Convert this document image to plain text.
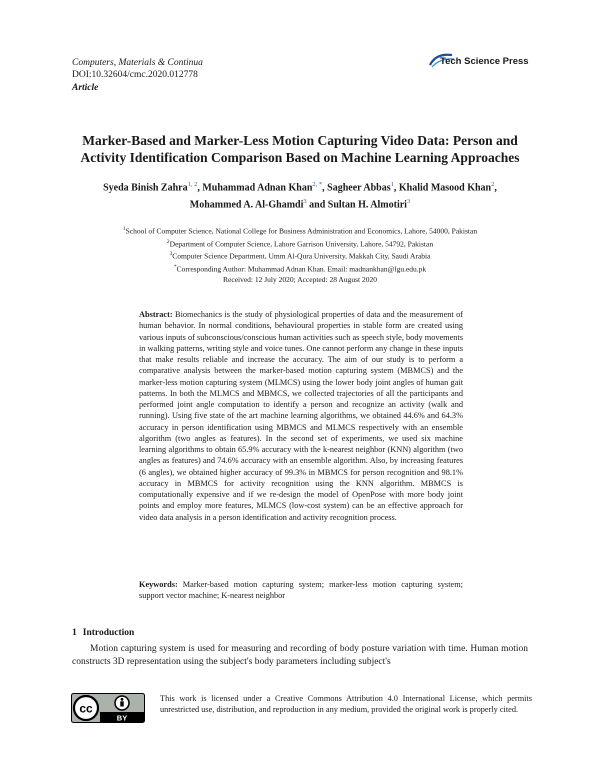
Computers, Materials & Continua
DOI:10.32604/cmc.2020.012778
Article
Tech Science Press
Marker-Based and Marker-Less Motion Capturing Video Data: Person and Activity Identification Comparison Based on Machine Learning Approaches
Syeda Binish Zahra$^{1, 2}$, Muhammad Adnan Khan$^{2, *}$, Sagheer Abbas$^1$, Khalid Masood Khan$^2$,
Mohammed A. Al-Ghamdi$^3$ and Sultan H. Almotiri$^3$
$^1$School of Computer Science, National College for Business Administration and Economics, Lahore, 54000, Pakistan
$^2$Department of Computer Science, Lahore Garrison University, Lahore, 54792, Pakistan
$^3$Computer Science Department, Umm Al-Qura University, Makkah City, Saudi Arabia
*Corresponding Author: Muhammad Adnan Khan. Email: madnankhan@lgu.edu.pk
Received: 12 July 2020; Accepted: 28 August 2020
Abstract: Biomechanics is the study of physiological properties of data and the measurement of human behavior. In normal conditions, behavioural properties in stable form are created using various inputs of subconscious/conscious human activities such as speech style, body movements in walking patterns, writing style and voice tunes. One cannot perform any change in these inputs that make results reliable and increase the accuracy. The aim of our study is to perform a comparative analysis between the marker-based motion capturing system (MBMCS) and the marker-less motion capturing system (MLMCS) using the lower body joint angles of human gait patterns. In both the MLMCS and MBMCS, we collected trajectories of all the participants and performed joint angle computation to identify a person and recognize an activity (walk and running). Using five state of the art machine learning algorithms, we obtained 44.6% and 64.3% accuracy in person identification using MBMCS and MLMCS respectively with an ensemble algorithm (two angles as features). In the second set of experiments, we used six machine learning algorithms to obtain 65.9% accuracy with the k-nearest neighbor (KNN) algorithm (two angles as features) and 74.6% accuracy with an ensemble algorithm. Also, by increasing features (6 angles), we obtained higher accuracy of 99.3% in MBMCS for person recognition and 98.1% accuracy in MBMCS for activity recognition using the KNN algorithm. MBMCS is computationally expensive and if we re-design the model of OpenPose with more body joint points and employ more features, MLMCS (low-cost system) can be an effective approach for video data analysis in a person identification and activity recognition process.
Keywords: Marker-based motion capturing system; marker-less motion capturing system; support vector machine; K-nearest neighbor
1 Introduction
Motion capturing system is used for measuring and recording of body posture variation with time. Human motion constructs 3D representation using the subject's body parameters including subject's
cc
BY
This work is licensed under a Creative Commons Attribution 4.0 International License, which permits unrestricted use, distribution, and reproduction in any medium, provided the original work is properly cited.
